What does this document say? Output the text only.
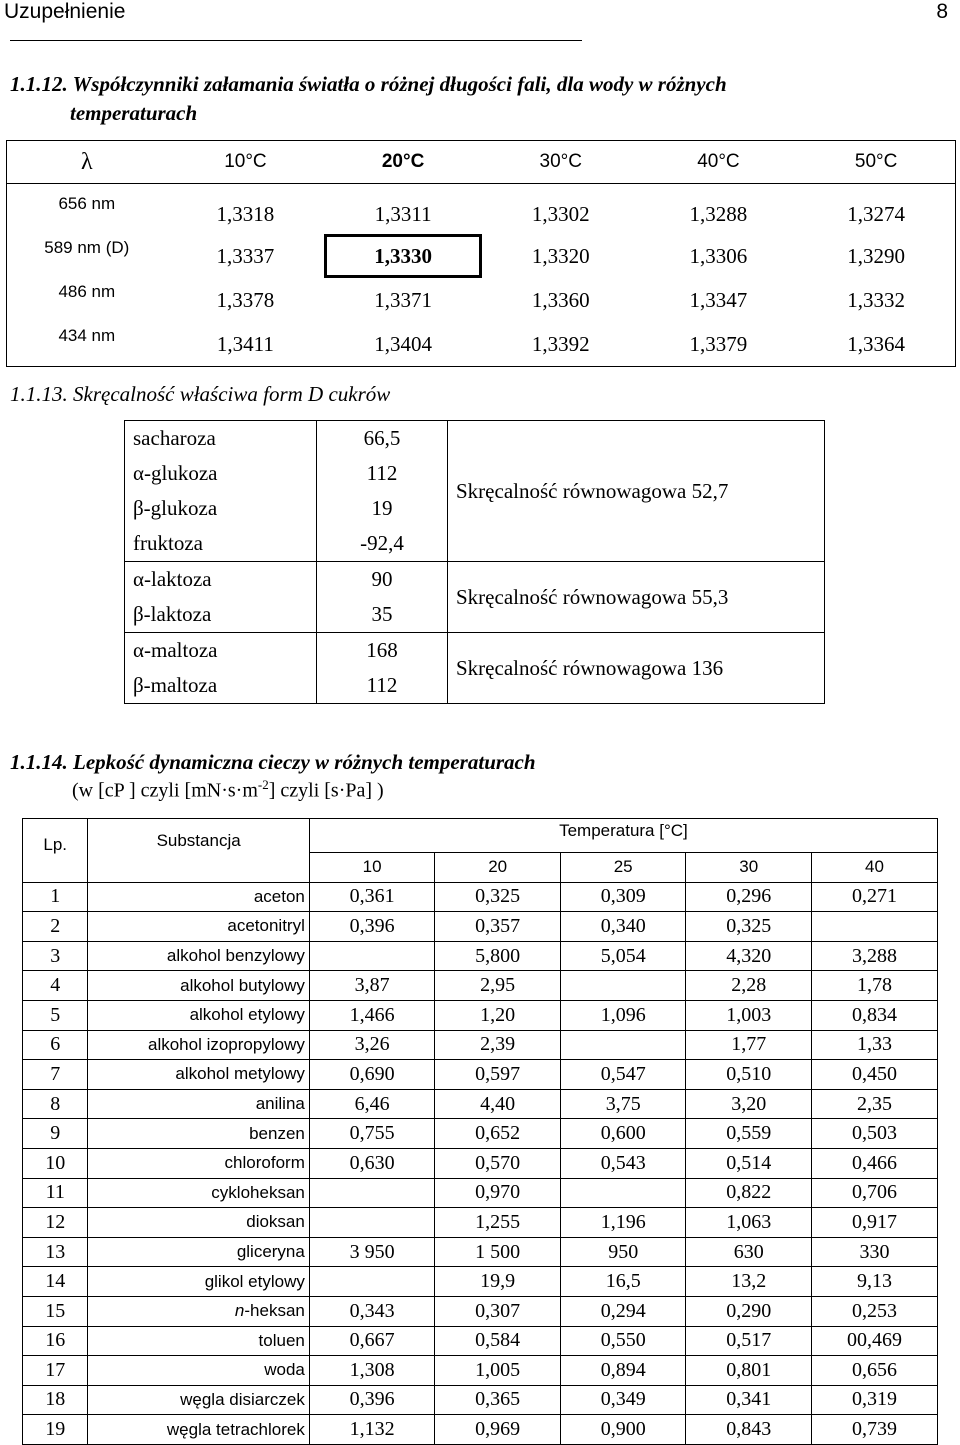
Uzupełnienie	8
1.1.12. Współczynniki załamania światła o różnej długości fali, dla wody w różnych
temperaturach
λ	10°C	20°C	30°C	40°C	50°C
656 nm	1,3318	1,3311	1,3302	1,3288	1,3274
589 nm (D)	1,3337	1,3330	1,3320	1,3306	1,3290
486 nm	1,3378	1,3371	1,3360	1,3347	1,3332
434 nm	1,3411	1,3404	1,3392	1,3379	1,3364
1.1.13. Skręcalność właściwa form D cukrów
sacharoza	66,5	Skręcalność równowagowa 52,7
α-glukoza	112	
β-glukoza	19	
fruktoza	-92,4	
α-laktoza	90	Skręcalność równowagowa 55,3
β-laktoza	35	
α-maltoza	168	Skręcalność równowagowa 136
β-maltoza	112	
1.1.14. Lepkość dynamiczna cieczy w różnych temperaturach
(w [cP ] czyli $[mN\cdot s\cdot m^{-2}]$ czyli [s·Pa] )
Lp.	Substancja	Temperatura [°C]				
		10	20	25	30	40
1	aceton	0,361	0,325	0,309	0,296	0,271
2	acetonitryl	0,396	0,357	0,340	0,325	
3	alkohol benzylowy		5,800	5,054	4,320	3,288
4	alkohol butylowy	3,87	2,95		2,28	1,78
5	alkohol etylowy	1,466	1,20	1,096	1,003	0,834
6	alkohol izopropylowy	3,26	2,39		1,77	1,33
7	alkohol metylowy	0,690	0,597	0,547	0,510	0,450
8	anilina	6,46	4,40	3,75	3,20	2,35
9	benzen	0,755	0,652	0,600	0,559	0,503
10	chloroform	0,630	0,570	0,543	0,514	0,466
11	cykloheksan		0,970		0,822	0,706
12	dioksan		1,255	1,196	1,063	0,917
13	gliceryna	3 950	1 500	950	630	330
14	glikol etylowy		19,9	16,5	13,2	9,13
15	n-heksan	0,343	0,307	0,294	0,290	0,253
16	toluen	0,667	0,584	0,550	0,517	00,469
17	woda	1,308	1,005	0,894	0,801	0,656
18	węgla disiarczek	0,396	0,365	0,349	0,341	0,319
19	węgla tetrachlorek	1,132	0,969	0,900	0,843	0,739
